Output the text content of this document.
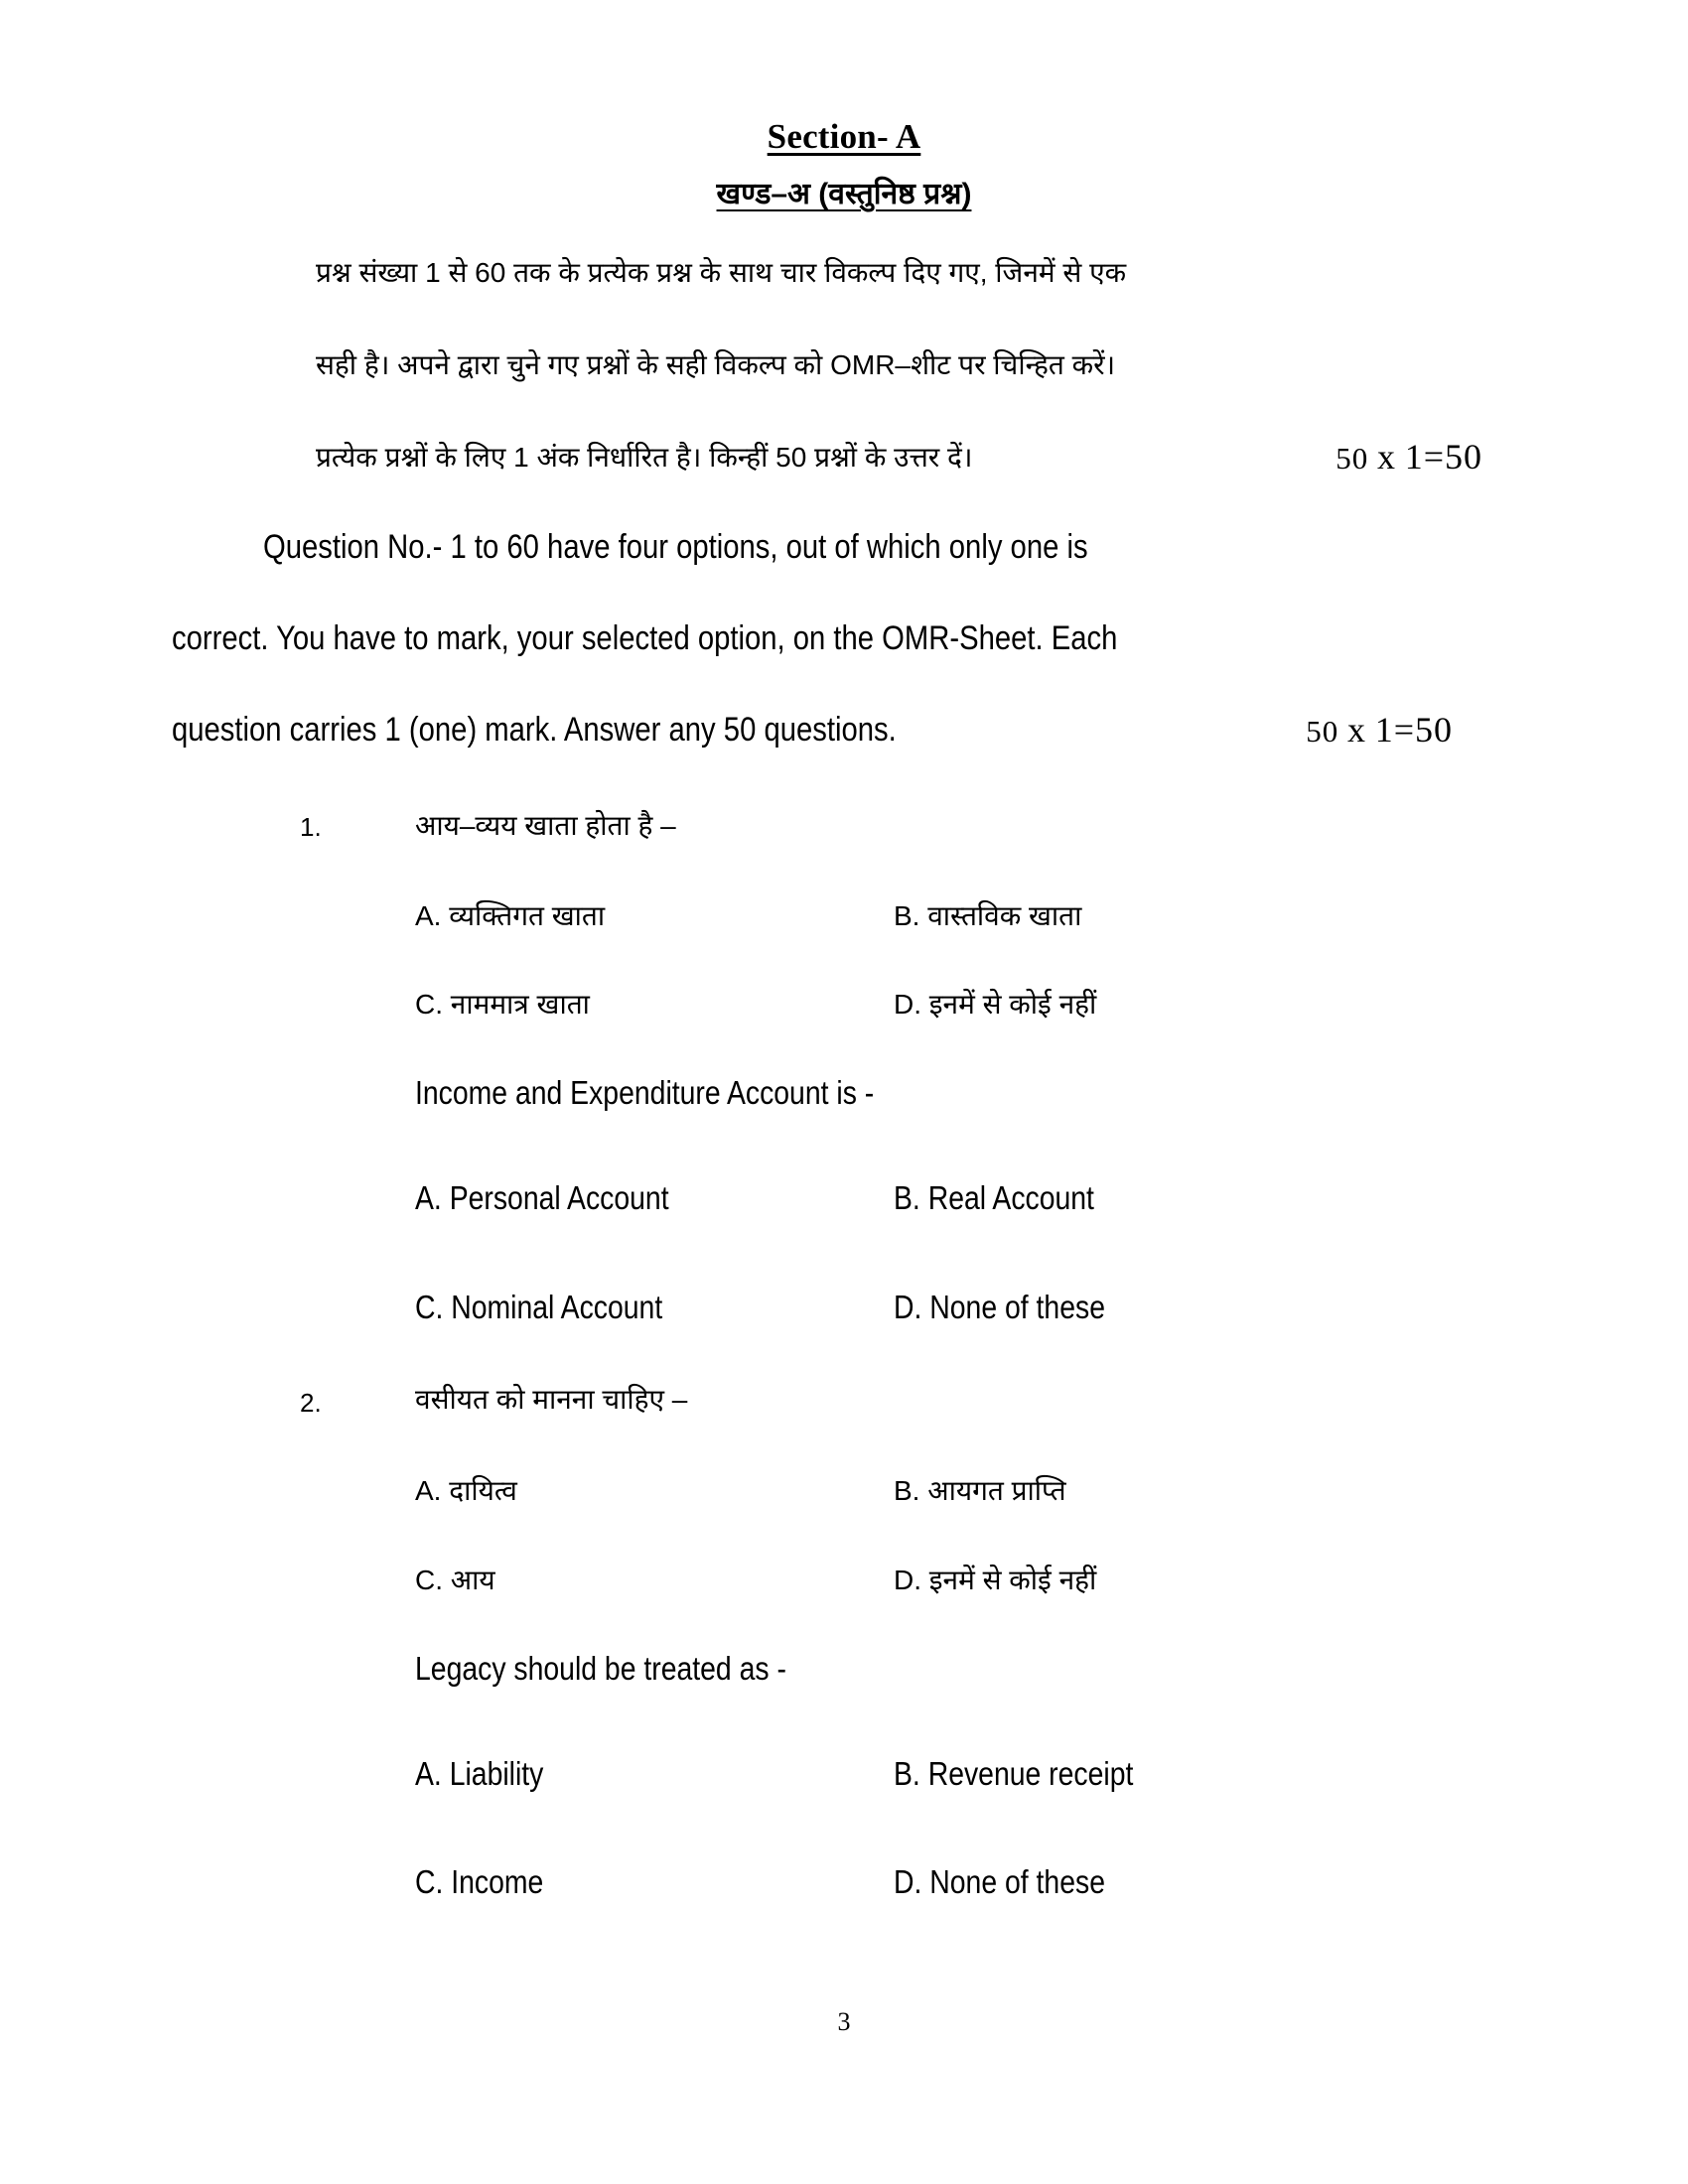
Section- A
खण्ड–अ (वस्तुनिष्ठ प्रश्न)
प्रश्न संख्या 1 से 60 तक के प्रत्येक प्रश्न के साथ चार विकल्प दिए गए, जिनमें से एक
सही है। अपने द्वारा चुने गए प्रश्नों के सही विकल्प को OMR–शीट पर चिन्हित करें।
प्रत्येक प्रश्नों के लिए 1 अंक निर्धारित है। किन्हीं 50 प्रश्नों के उत्तर दें।	50 x 1=50
Question No.- 1 to 60 have four options, out of which only one is
correct. You have to mark, your selected option, on the OMR-Sheet. Each
question carries 1 (one) mark. Answer any 50 questions.	50 x 1=50
1.	आय–व्यय खाता होता है –
A. व्यक्तिगत खाता	B. वास्तविक खाता
C. नाममात्र खाता	D. इनमें से कोई नहीं
Income and Expenditure Account is -
A. Personal Account	B. Real Account
C. Nominal Account	D. None of these
2.	वसीयत को मानना चाहिए –
A. दायित्व	B. आयगत प्राप्ति
C. आय	D. इनमें से कोई नहीं
Legacy should be treated as -
A. Liability	B. Revenue receipt
C. Income	D. None of these
3
